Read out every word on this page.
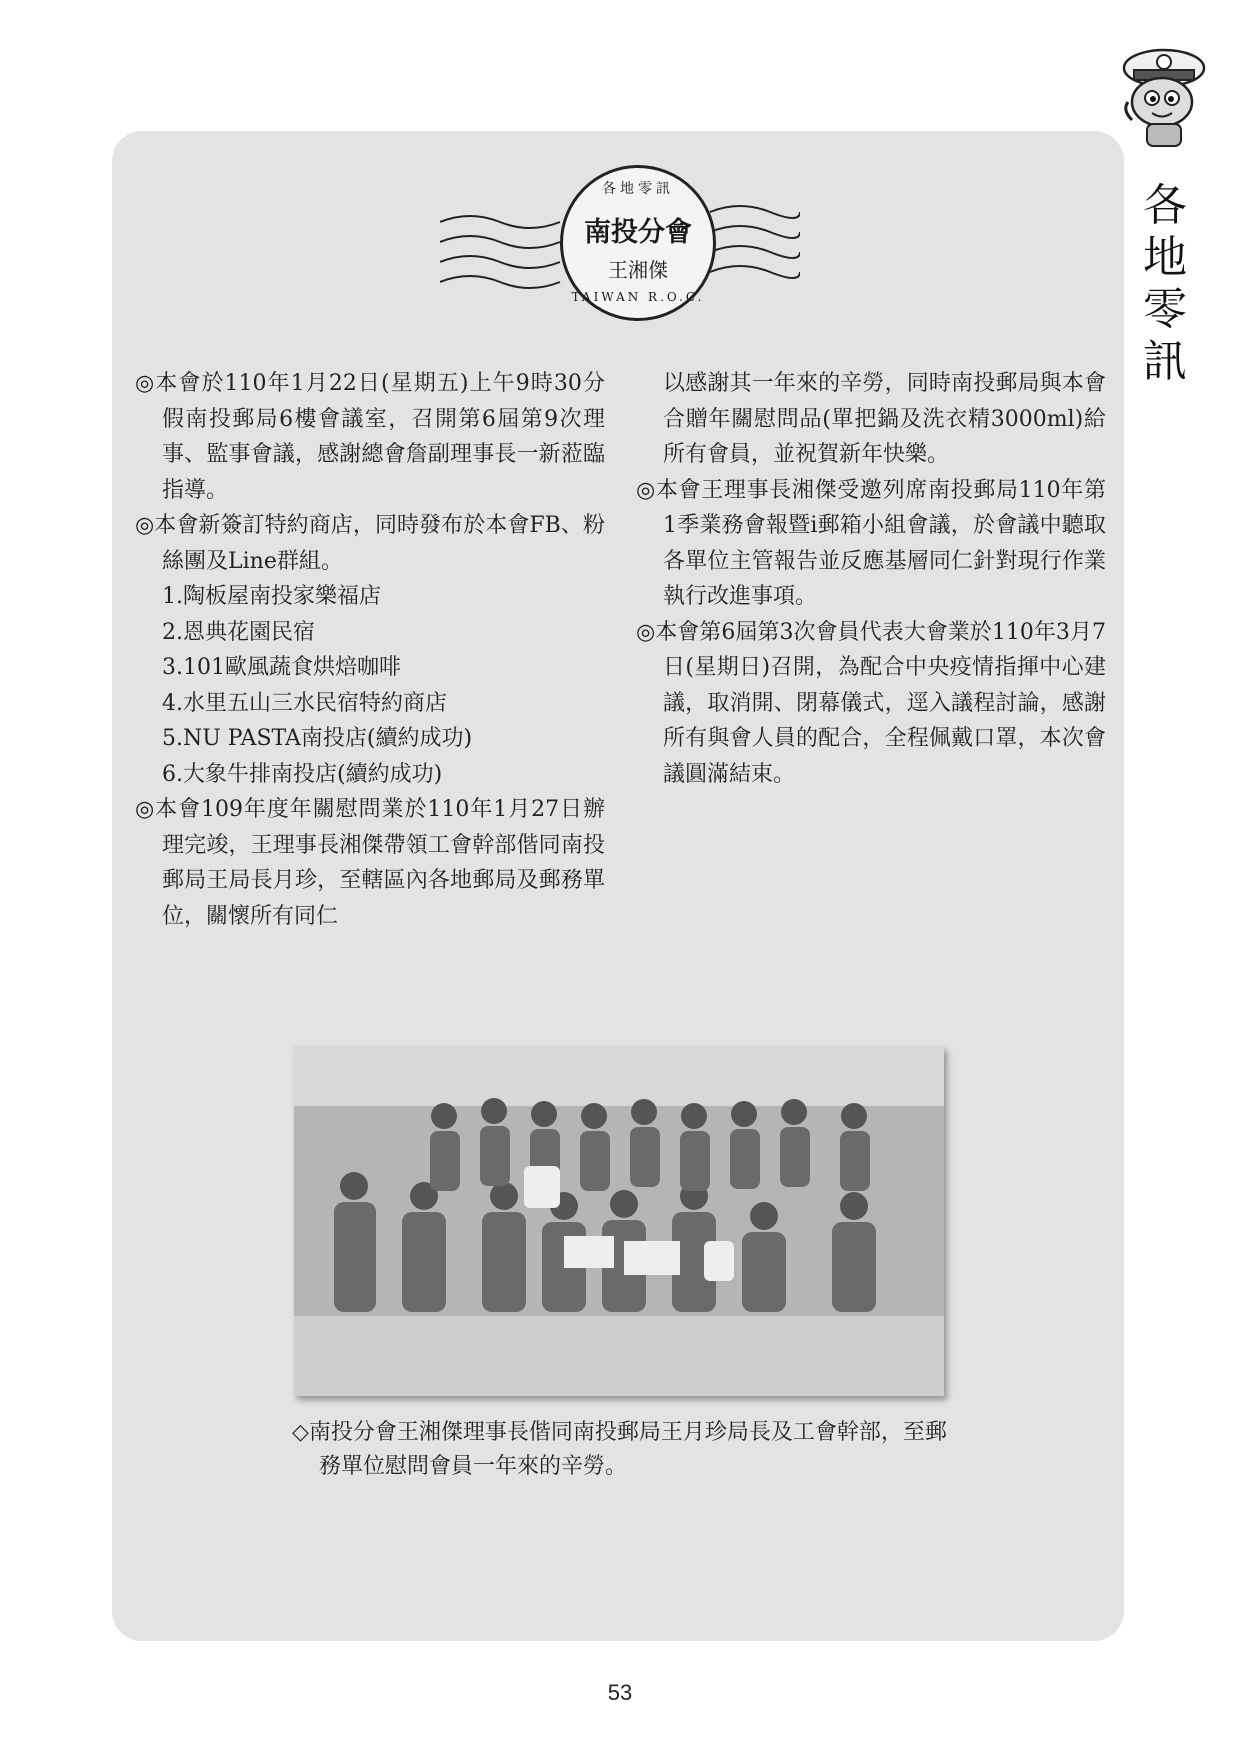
各
地
零
訊
各地零訊
南投分會
王湘傑
TAIWAN R.O.C.

◎本會於110年1月22日(星期五)上午9時30分假南投郵局6樓會議室，召開第6屆第9次理事、監事會議，感謝總會詹副理事長一新蒞臨指導。

◎本會新簽訂特約商店，同時發布於本會FB、粉絲團及Line群組。

1.陶板屋南投家樂福店

2.恩典花園民宿

3.101歐風蔬食烘焙咖啡

4.水里五山三水民宿特約商店

5.NU PASTA南投店(續約成功)

6.大象牛排南投店(續約成功)

◎本會109年度年關慰問業於110年1月27日辦理完竣，王理事長湘傑帶領工會幹部偕同南投郵局王局長月珍，至轄區內各地郵局及郵務單位，關懷所有同仁

以感謝其一年來的辛勞，同時南投郵局與本會合贈年關慰問品(單把鍋及洗衣精3000ml)給所有會員，並祝賀新年快樂。

◎本會王理事長湘傑受邀列席南投郵局110年第1季業務會報暨i郵箱小組會議，於會議中聽取各單位主管報告並反應基層同仁針對現行作業執行改進事項。

◎本會第6屆第3次會員代表大會業於110年3月7日(星期日)召開，為配合中央疫情指揮中心建議，取消開、閉幕儀式，逕入議程討論，感謝所有與會人員的配合，全程佩戴口罩，本次會議圓滿結束。

◇南投分會王湘傑理事長偕同南投郵局王月珍局長及工會幹部，至郵務單位慰問會員一年來的辛勞。

53
